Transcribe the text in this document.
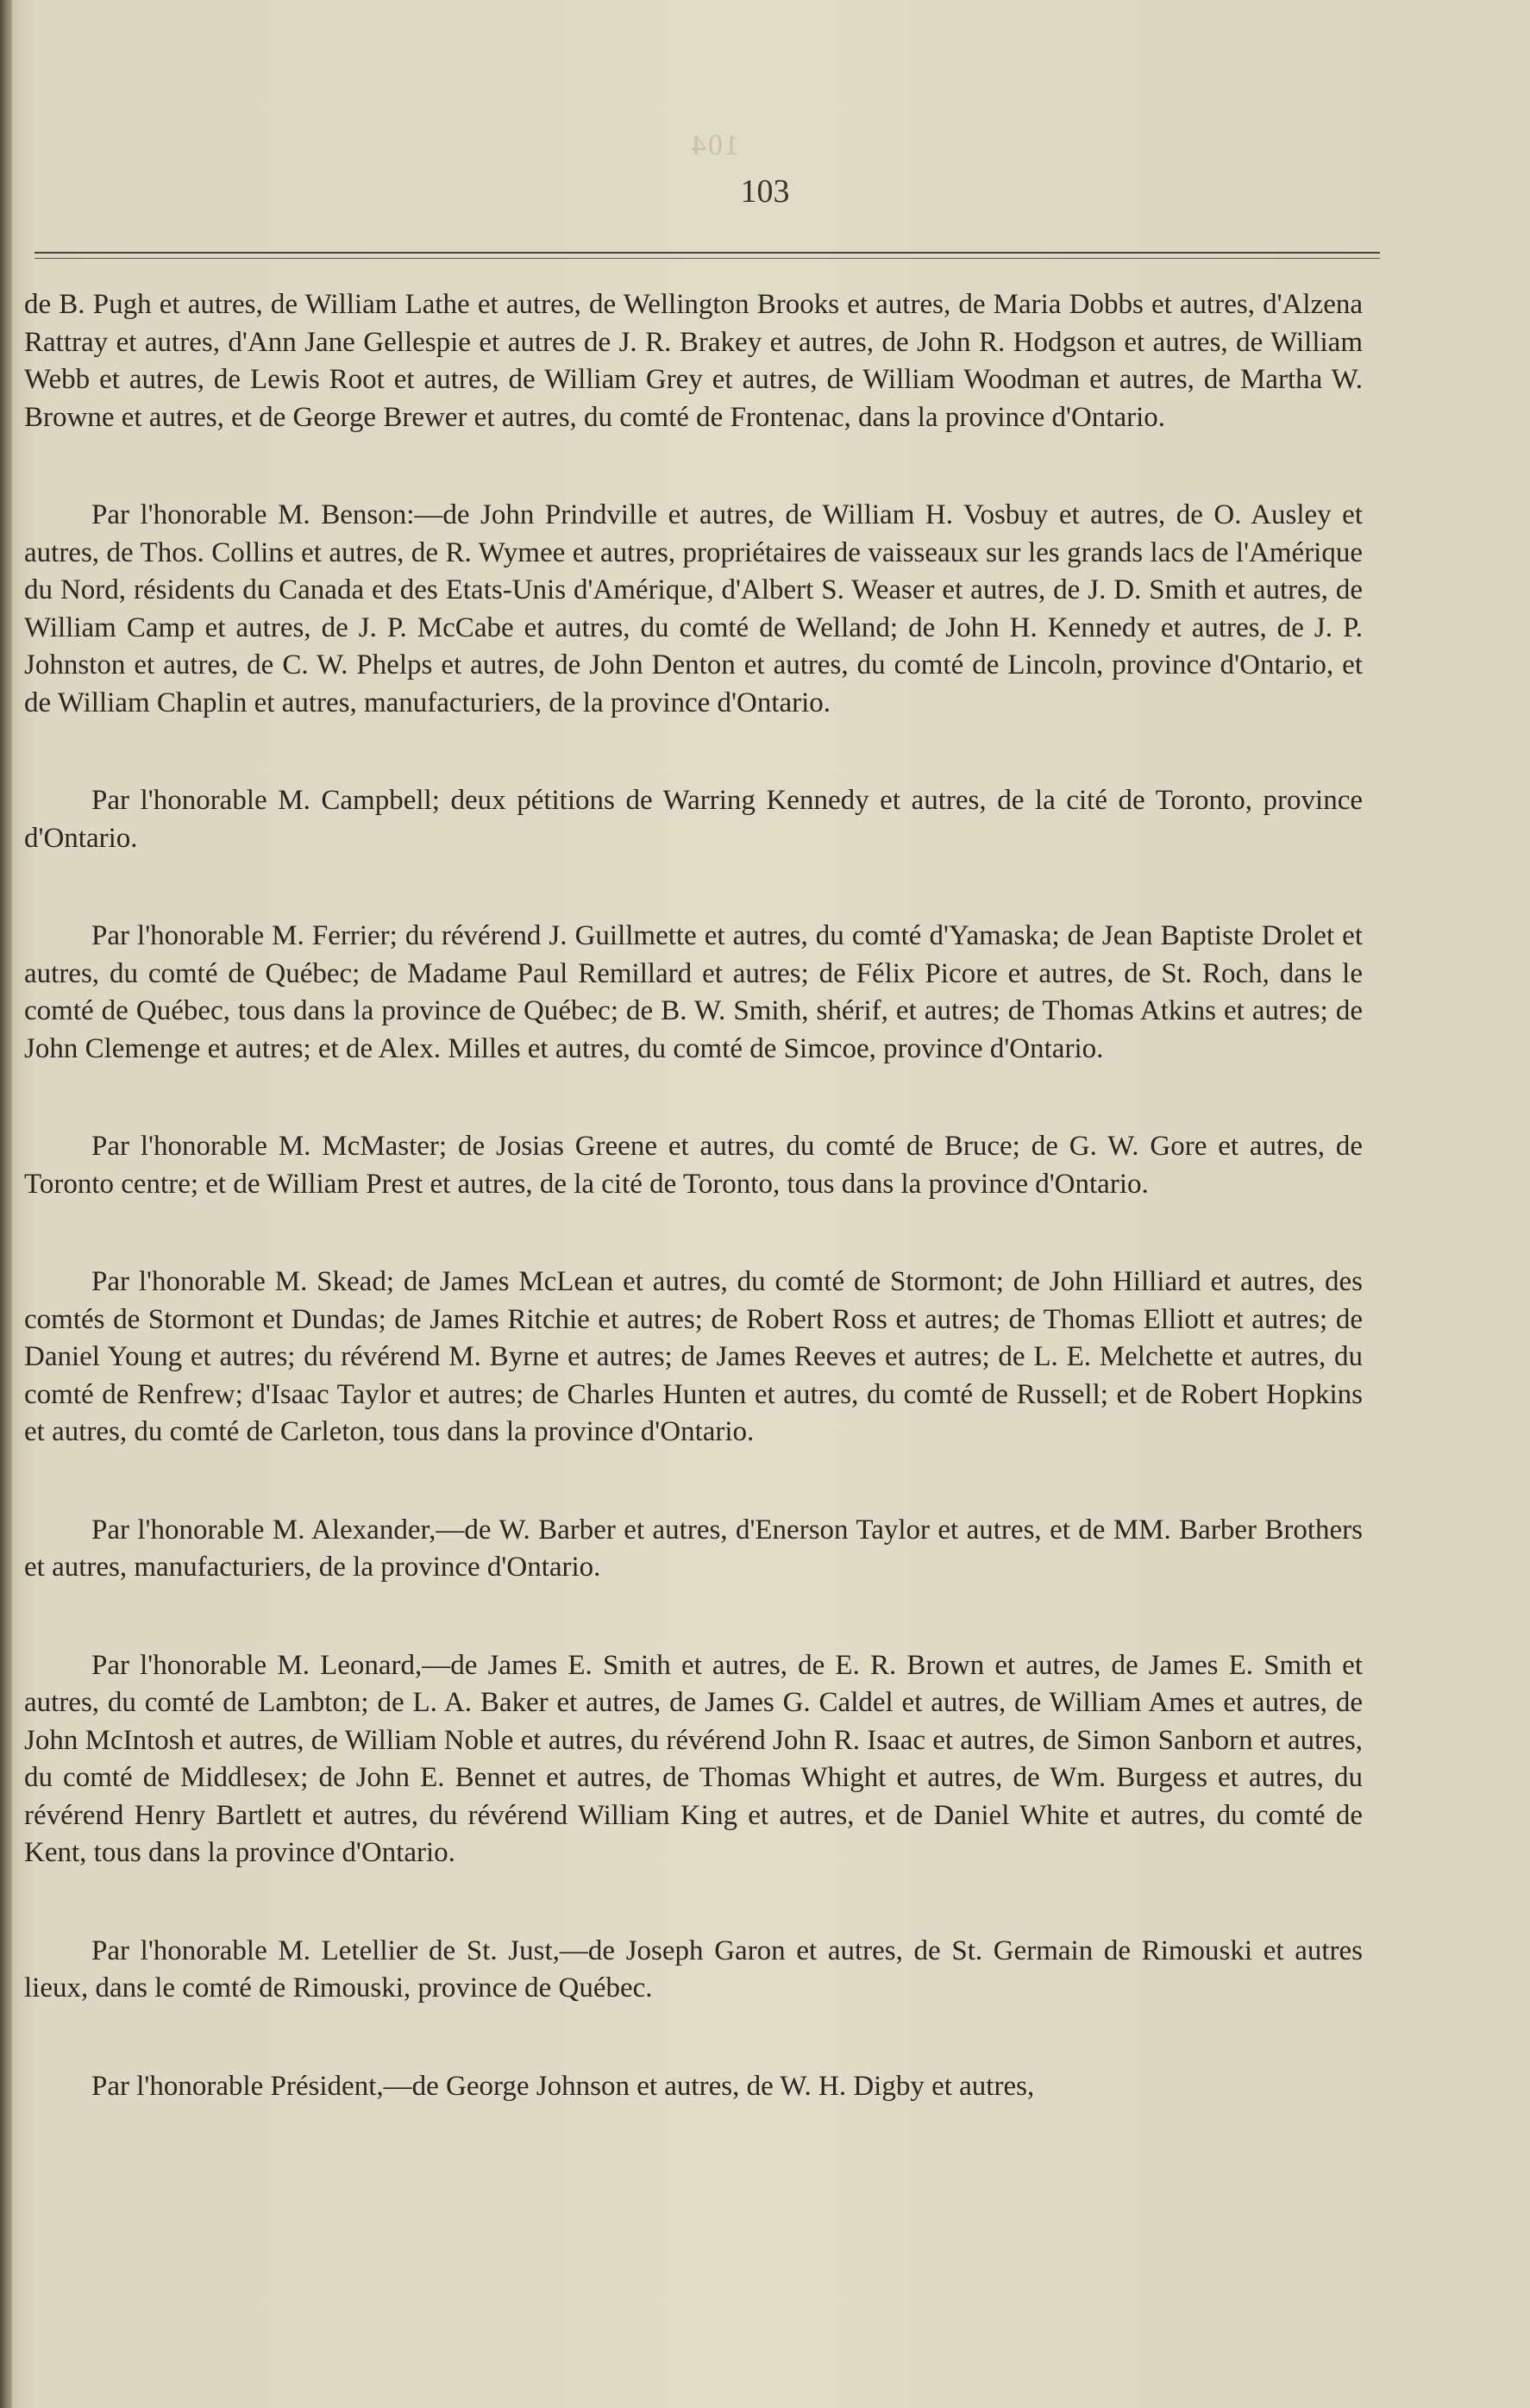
104
103

de B. Pugh et autres, de William Lathe et autres, de Wellington Brooks et autres, de Maria Dobbs et autres, d'Alzena Rattray et autres, d'Ann Jane Gellespie et autres de J. R. Brakey et autres, de John R. Hodgson et autres, de William Webb et autres, de Lewis Root et autres, de William Grey et autres, de William Woodman et autres, de Martha W. Browne et autres, et de George Brewer et autres, du comté de Frontenac, dans la province d'Ontario.

Par l'honorable M. Benson:—de John Prindville et autres, de William H. Vosbuy et autres, de O. Ausley et autres, de Thos. Collins et autres, de R. Wymee et autres, propriétaires de vaisseaux sur les grands lacs de l'Amérique du Nord, résidents du Canada et des Etats-Unis d'Amérique, d'Albert S. Weaser et autres, de J. D. Smith et autres, de William Camp et autres, de J. P. McCabe et autres, du comté de Welland; de John H. Kennedy et autres, de J. P. Johnston et autres, de C. W. Phelps et autres, de John Denton et autres, du comté de Lincoln, province d'Ontario, et de William Chaplin et autres, manufacturiers, de la province d'Ontario.

Par l'honorable M. Campbell; deux pétitions de Warring Kennedy et autres, de la cité de Toronto, province d'Ontario.

Par l'honorable M. Ferrier; du révérend J. Guillmette et autres, du comté d'Yamaska; de Jean Baptiste Drolet et autres, du comté de Québec; de Madame Paul Remillard et autres; de Félix Picore et autres, de St. Roch, dans le comté de Québec, tous dans la province de Québec; de B. W. Smith, shérif, et autres; de Thomas Atkins et autres; de John Clemenge et autres; et de Alex. Milles et autres, du comté de Simcoe, province d'Ontario.

Par l'honorable M. McMaster; de Josias Greene et autres, du comté de Bruce; de G. W. Gore et autres, de Toronto centre; et de William Prest et autres, de la cité de Toronto, tous dans la province d'Ontario.

Par l'honorable M. Skead; de James McLean et autres, du comté de Stormont; de John Hilliard et autres, des comtés de Stormont et Dundas; de James Ritchie et autres; de Robert Ross et autres; de Thomas Elliott et autres; de Daniel Young et autres; du révérend M. Byrne et autres; de James Reeves et autres; de L. E. Melchette et autres, du comté de Renfrew; d'Isaac Taylor et autres; de Charles Hunten et autres, du comté de Russell; et de Robert Hopkins et autres, du comté de Carleton, tous dans la province d'Ontario.

Par l'honorable M. Alexander,—de W. Barber et autres, d'Enerson Taylor et autres, et de MM. Barber Brothers et autres, manufacturiers, de la province d'Ontario.

Par l'honorable M. Leonard,—de James E. Smith et autres, de E. R. Brown et autres, de James E. Smith et autres, du comté de Lambton; de L. A. Baker et autres, de James G. Caldel et autres, de William Ames et autres, de John McIntosh et autres, de William Noble et autres, du révérend John R. Isaac et autres, de Simon Sanborn et autres, du comté de Middlesex; de John E. Bennet et autres, de Thomas Whight et autres, de Wm. Burgess et autres, du révérend Henry Bartlett et autres, du révérend William King et autres, et de Daniel White et autres, du comté de Kent, tous dans la province d'Ontario.

Par l'honorable M. Letellier de St. Just,—de Joseph Garon et autres, de St. Germain de Rimouski et autres lieux, dans le comté de Rimouski, province de Québec.

Par l'honorable Président,—de George Johnson et autres, de W. H. Digby et autres,
